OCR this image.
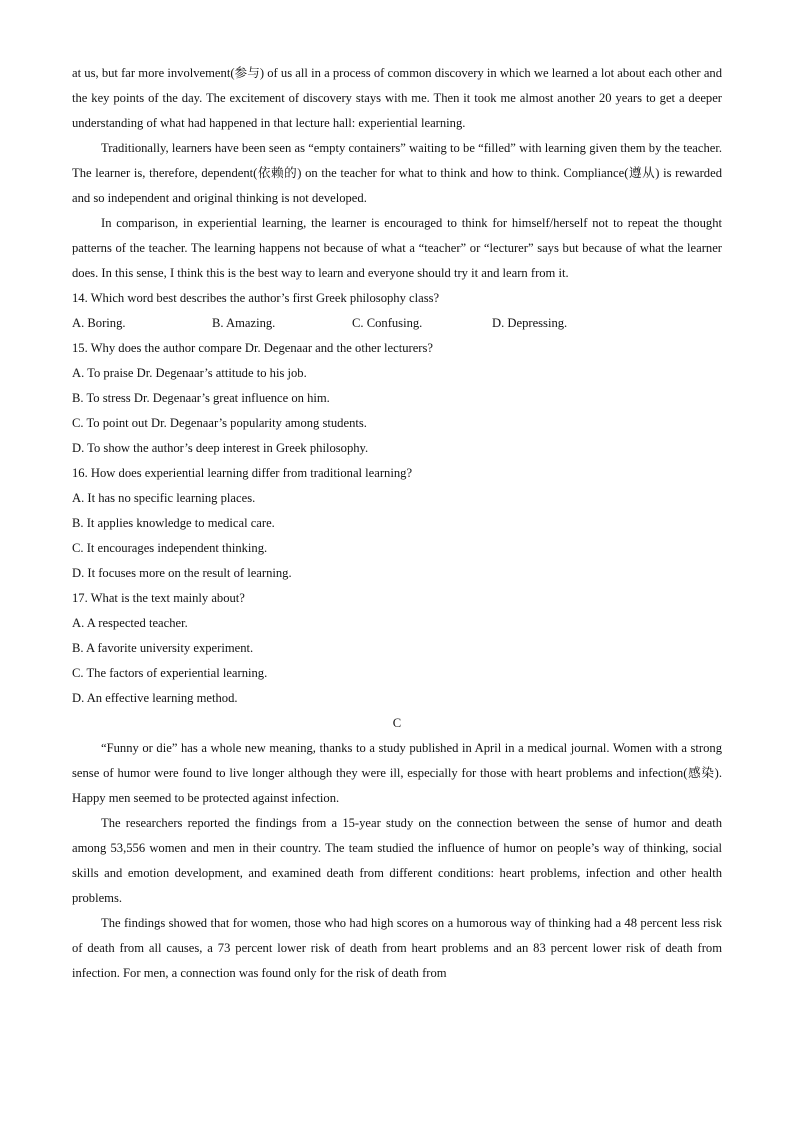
at us, but far more involvement(参与) of us all in a process of common discovery in which we learned a lot about each other and the key points of the day. The excitement of discovery stays with me. Then it took me almost another 20 years to get a deeper understanding of what had happened in that lecture hall: experiential learning.

Traditionally, learners have been seen as “empty containers” waiting to be “filled” with learning given them by the teacher. The learner is, therefore, dependent(依赖的) on the teacher for what to think and how to think. Compliance(遵从) is rewarded and so independent and original thinking is not developed.

In comparison, in experiential learning, the learner is encouraged to think for himself/herself not to repeat the thought patterns of the teacher. The learning happens not because of what a “teacher” or “lecturer” says but because of what the learner does. In this sense, I think this is the best way to learn and everyone should try it and learn from it.

14. Which word best describes the author’s first Greek philosophy class?

A. Boring.	B. Amazing.	C. Confusing.	D. Depressing.

15. Why does the author compare Dr. Degenaar and the other lecturers?

A. To praise Dr. Degenaar’s attitude to his job.

B. To stress Dr. Degenaar’s great influence on him.

C. To point out Dr. Degenaar’s popularity among students.

D. To show the author’s deep interest in Greek philosophy.

16. How does experiential learning differ from traditional learning?

A. It has no specific learning places.

B. It applies knowledge to medical care.

C. It encourages independent thinking.

D. It focuses more on the result of learning.

17. What is the text mainly about?

A. A respected teacher.

B. A favorite university experiment.

C. The factors of experiential learning.

D. An effective learning method.

C

“Funny or die” has a whole new meaning, thanks to a study published in April in a medical journal. Women with a strong sense of humor were found to live longer although they were ill, especially for those with heart problems and infection(感染). Happy men seemed to be protected against infection.

The researchers reported the findings from a 15-year study on the connection between the sense of humor and death among 53,556 women and men in their country. The team studied the influence of humor on people’s way of thinking, social skills and emotion development, and examined death from different conditions: heart problems, infection and other health problems.

The findings showed that for women, those who had high scores on a humorous way of thinking had a 48 percent less risk of death from all causes, a 73 percent lower risk of death from heart problems and an 83 percent lower risk of death from infection. For men, a connection was found only for the risk of death from
